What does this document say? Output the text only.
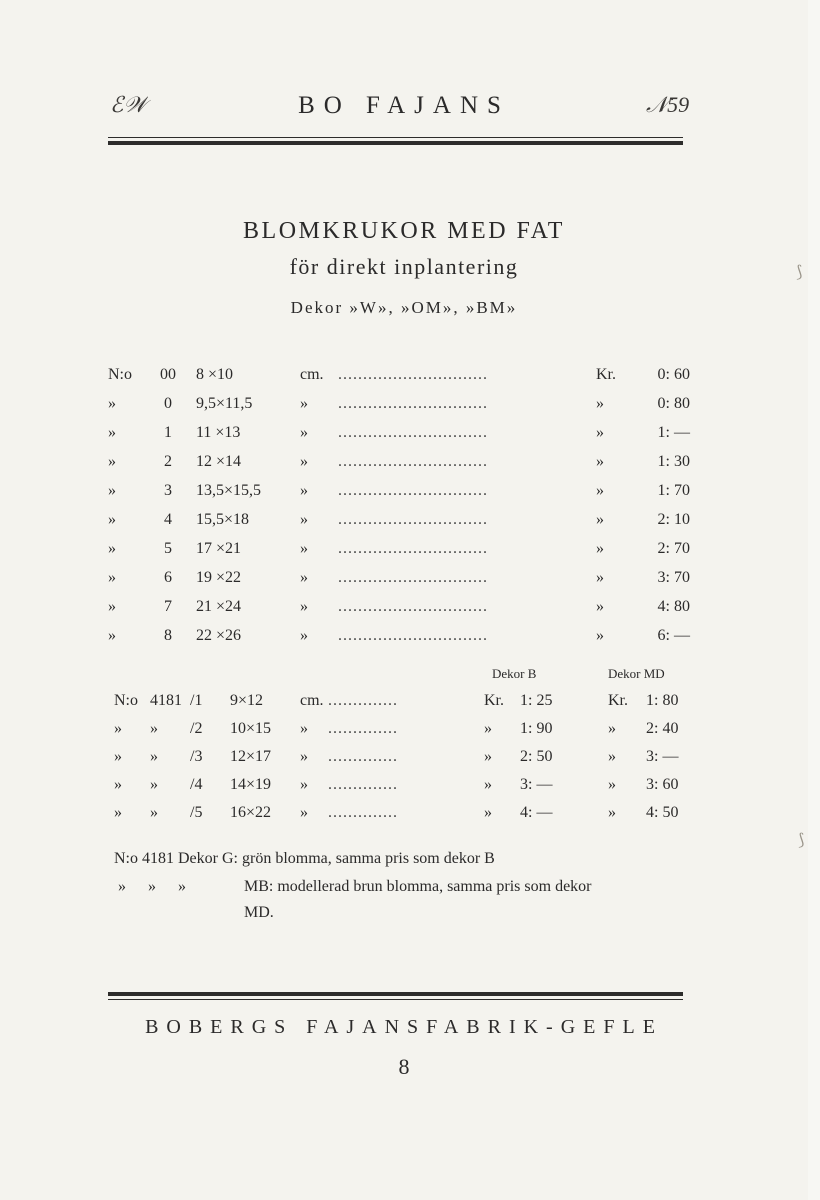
ℰ𝒲	BO FAJANS	𝒩59
BLOMKRUKOR MED FAT
för direkt inplantering
Dekor »W», »OM», »BM»
N:o	00	8 ×10	cm. ..............................	Kr.	0: 60
»	0	9,5×11,5	» ..............................	»	0: 80
»	1	11 ×13	» ..............................	»	1: —
»	2	12 ×14	» ..............................	»	1: 30
»	3	13,5×15,5 » ..............................	»	1: 70
»	4	15,5×18	» ..............................	»	2: 10
»	5	17 ×21	» ..............................	»	2: 70
»	6	19 ×22	» ..............................	»	3: 70
»	7	21 ×24	» ..............................	»	4: 80
»	8	22 ×26	» ..............................	»	6: —
Dekor B	Dekor MD
N:o 4181 /1 9×12 cm. ..............	Kr. 1: 25	Kr. 1: 80
» » /2 10×15 » ..............	» 1: 90	» 2: 40
» » /3 12×17 » ..............	» 2: 50	» 3: —
» » /4 14×19 » ..............	» 3: —	» 3: 60
» » /5 16×22 » ..............	» 4: —	» 4: 50
N:o 4181 Dekor G: grön blomma, samma pris som dekor B
» » »	MB: modellerad brun blomma, samma pris som dekor
MD.
BOBERGS FAJANSFABRIK-GEFLE
8
⟆
⟆
